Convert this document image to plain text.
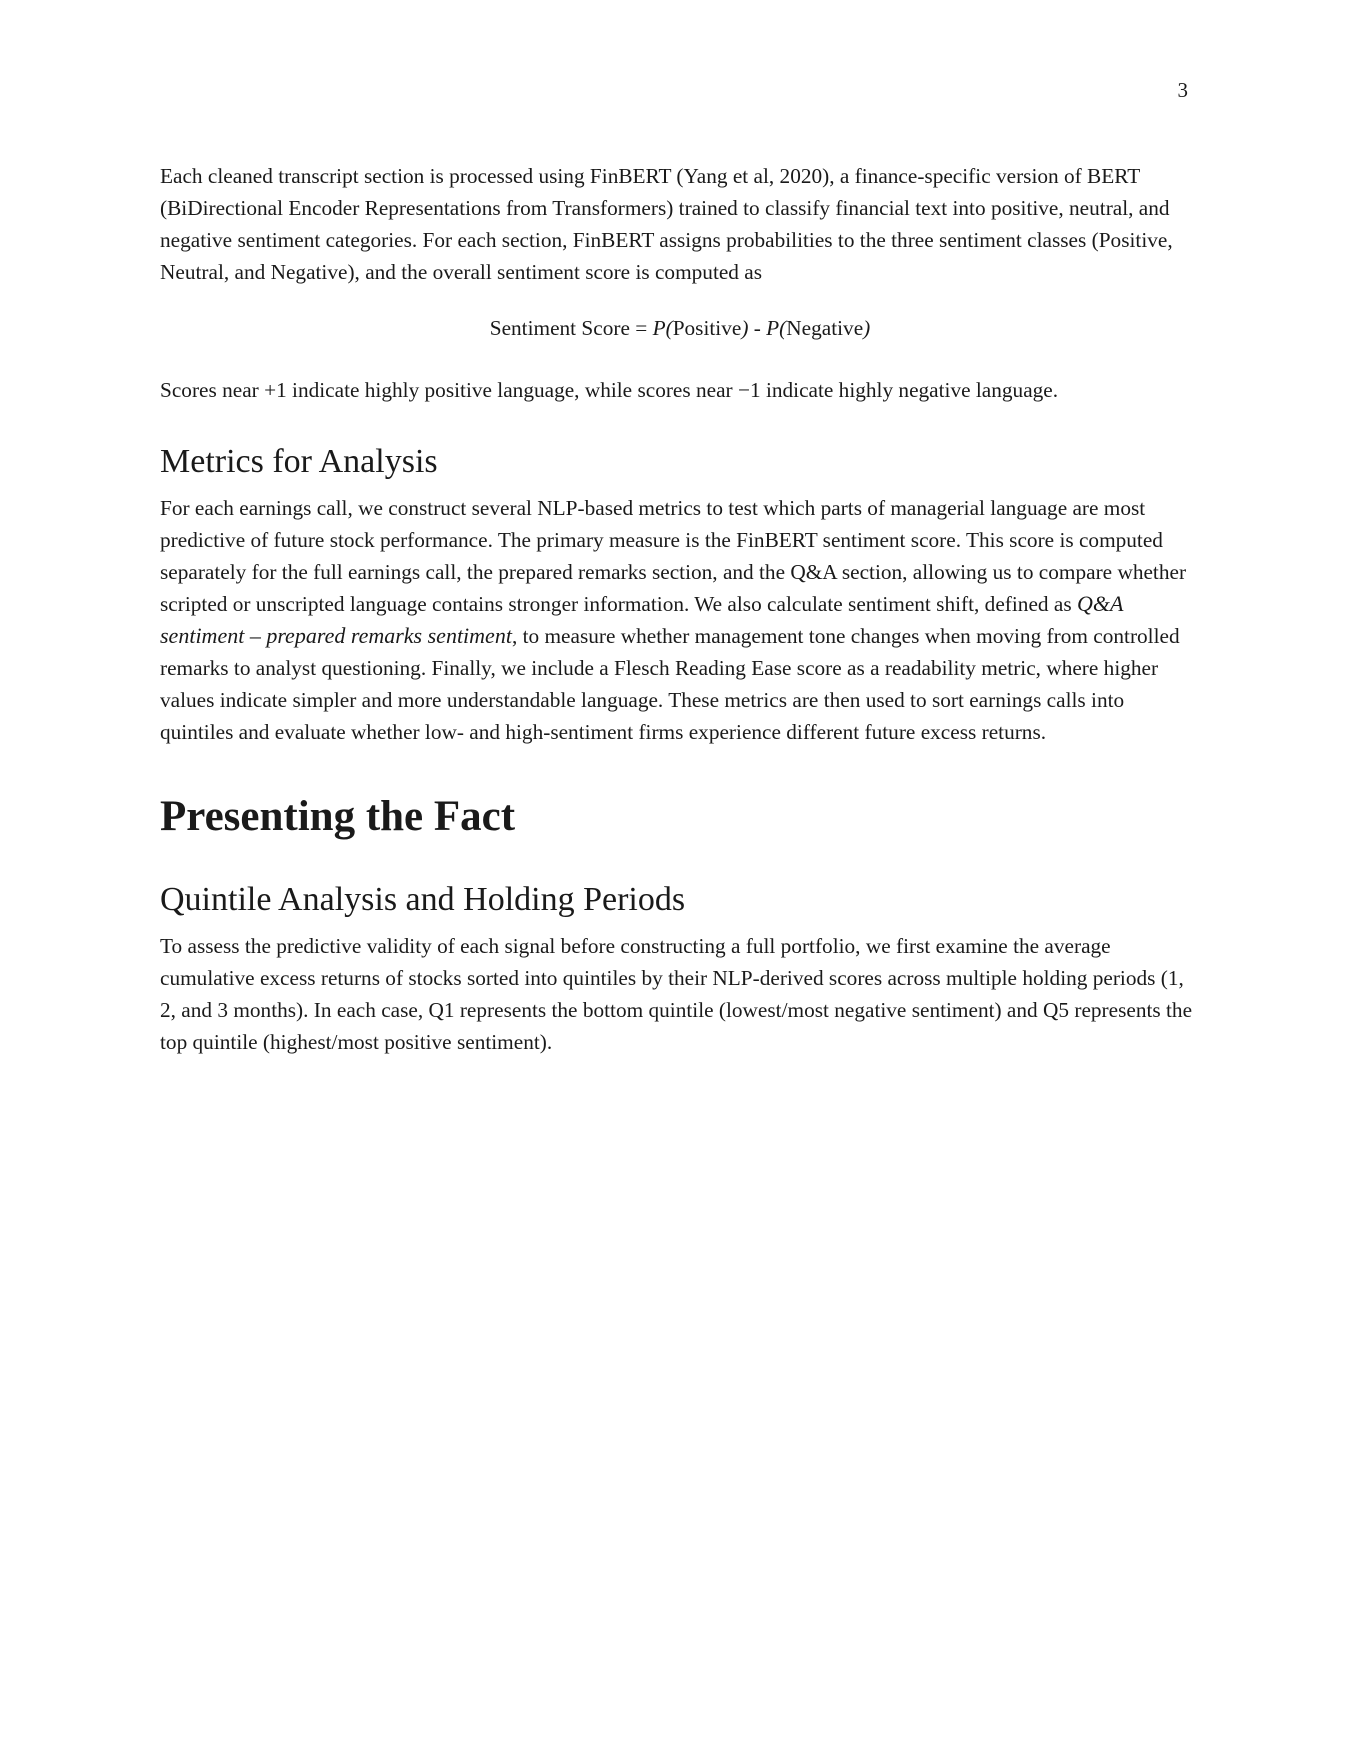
3

Each cleaned transcript section is processed using FinBERT (Yang et al, 2020), a finance-specific version of BERT (BiDirectional Encoder Representations from Transformers) trained to classify financial text into positive, neutral, and negative sentiment categories. For each section, FinBERT assigns probabilities to the three sentiment classes (Positive, Neutral, and Negative), and the overall sentiment score is computed as

Sentiment Score = P(Positive) - P(Negative)

Scores near +1 indicate highly positive language, while scores near −1 indicate highly negative language.

Metrics for Analysis

For each earnings call, we construct several NLP-based metrics to test which parts of managerial language are most predictive of future stock performance. The primary measure is the FinBERT sentiment score. This score is computed separately for the full earnings call, the prepared remarks section, and the Q&A section, allowing us to compare whether scripted or unscripted language contains stronger information. We also calculate sentiment shift, defined as Q&A sentiment – prepared remarks sentiment, to measure whether management tone changes when moving from controlled remarks to analyst questioning. Finally, we include a Flesch Reading Ease score as a readability metric, where higher values indicate simpler and more understandable language. These metrics are then used to sort earnings calls into quintiles and evaluate whether low- and high-sentiment firms experience different future excess returns.

Presenting the Fact
Quintile Analysis and Holding Periods

To assess the predictive validity of each signal before constructing a full portfolio, we first examine the average cumulative excess returns of stocks sorted into quintiles by their NLP-derived scores across multiple holding periods (1, 2, and 3 months). In each case, Q1 represents the bottom quintile (lowest/most negative sentiment) and Q5 represents the top quintile (highest/most positive sentiment).
